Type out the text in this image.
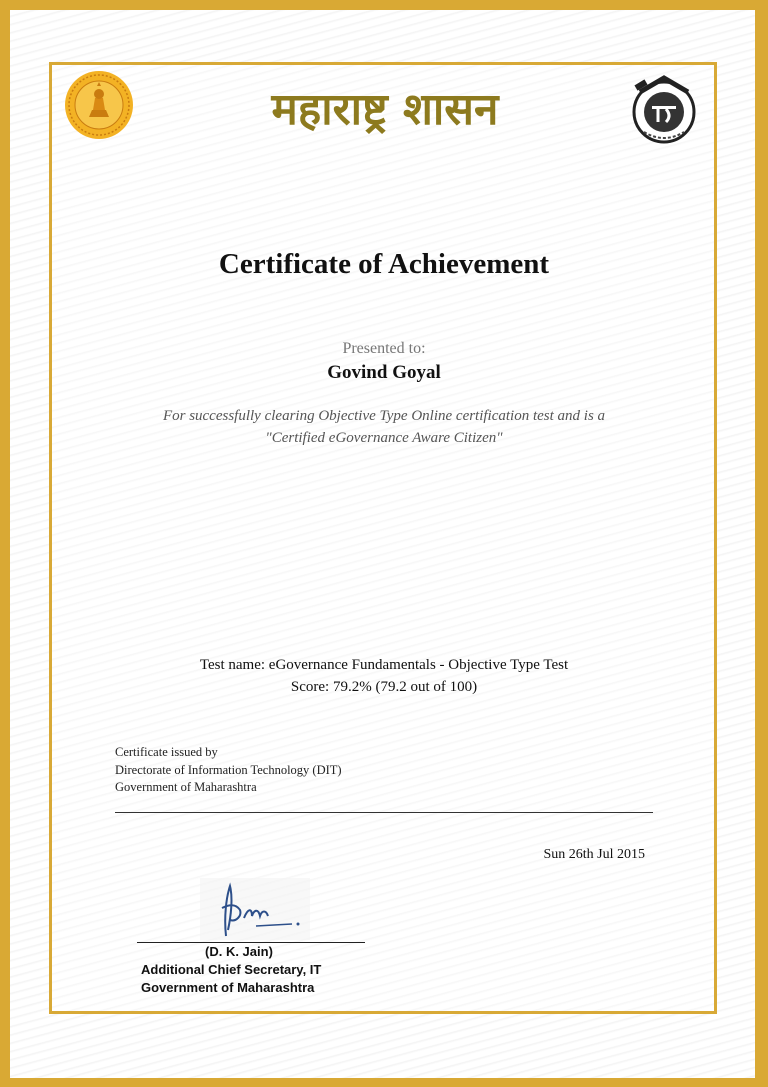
महाराष्ट्र शासन
Certificate of Achievement
Presented to:
Govind Goyal
For successfully clearing Objective Type Online certification test and is a
"Certified eGovernance Aware Citizen"
Test name: eGovernance Fundamentals - Objective Type Test
Score: 79.2% (79.2 out of 100)
Certificate issued by
Directorate of Information Technology (DIT)
Government of Maharashtra
Sun 26th Jul 2015
(D. K. Jain)
Additional Chief Secretary, IT
Government of Maharashtra
